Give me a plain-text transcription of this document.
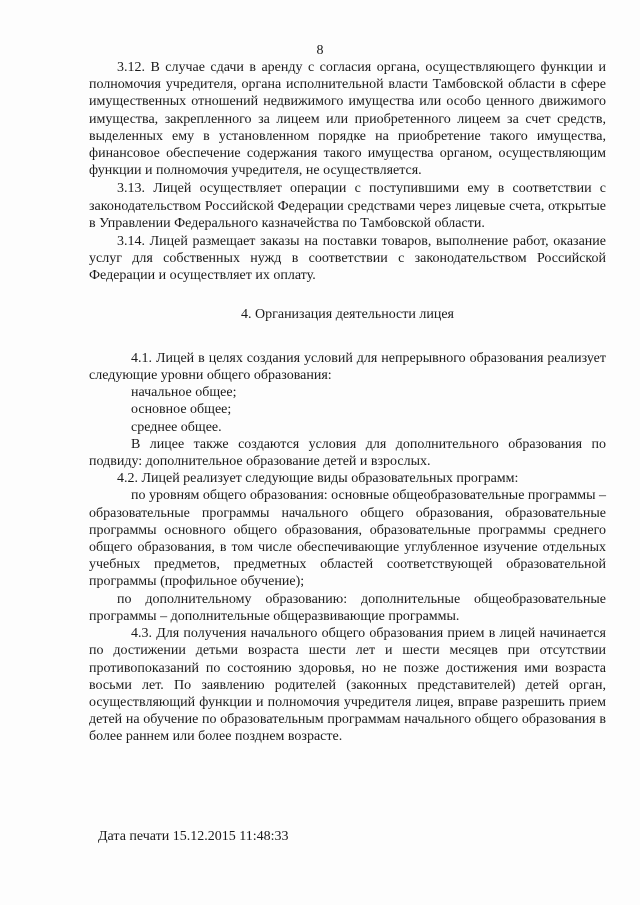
8

3.12. В случае сдачи в аренду с согласия органа, осуществляющего функции и полномочия учредителя, органа исполнительной власти Тамбовской области в сфере имущественных отношений недвижимого имущества или особо ценного движимого имущества, закрепленного за лицеем или приобретенного лицеем за счет средств, выделенных ему в установленном порядке на приобретение такого имущества, финансовое обеспечение содержания такого имущества органом, осуществляющим функции и полномочия учредителя, не осуществляется.

3.13. Лицей осуществляет операции с поступившими ему в соответствии с законодательством Российской Федерации средствами через лицевые счета, открытые в Управлении Федерального казначейства по Тамбовской области.

3.14. Лицей размещает заказы на поставки товаров, выполнение работ, оказание услуг для собственных нужд в соответствии с законодательством Российской Федерации и осуществляет их оплату.

4. Организация деятельности лицея

4.1. Лицей в целях создания условий для непрерывного образования реализует следующие уровни общего образования:

начальное общее;

основное общее;

среднее общее.

В лицее также создаются условия для дополнительного образования по подвиду: дополнительное образование детей и взрослых.

4.2. Лицей реализует следующие виды образовательных программ:

по уровням общего образования: основные общеобразовательные программы – образовательные программы начального общего образования, образовательные программы основного общего образования, образовательные программы среднего общего образования, в том числе обеспечивающие углубленное изучение отдельных учебных предметов, предметных областей соответствующей образовательной программы (профильное обучение);

по дополнительному образованию: дополнительные общеобразовательные программы – дополнительные общеразвивающие программы.

4.3. Для получения начального общего образования прием в лицей начинается по достижении детьми возраста шести лет и шести месяцев при отсутствии противопоказаний по состоянию здоровья, но не позже достижения ими возраста восьми лет. По заявлению родителей (законных представителей) детей орган, осуществляющий функции и полномочия учредителя лицея, вправе разрешить прием детей на обучение по образовательным программам начального общего образования в более раннем или более позднем возрасте.

Дата печати 15.12.2015 11:48:33
